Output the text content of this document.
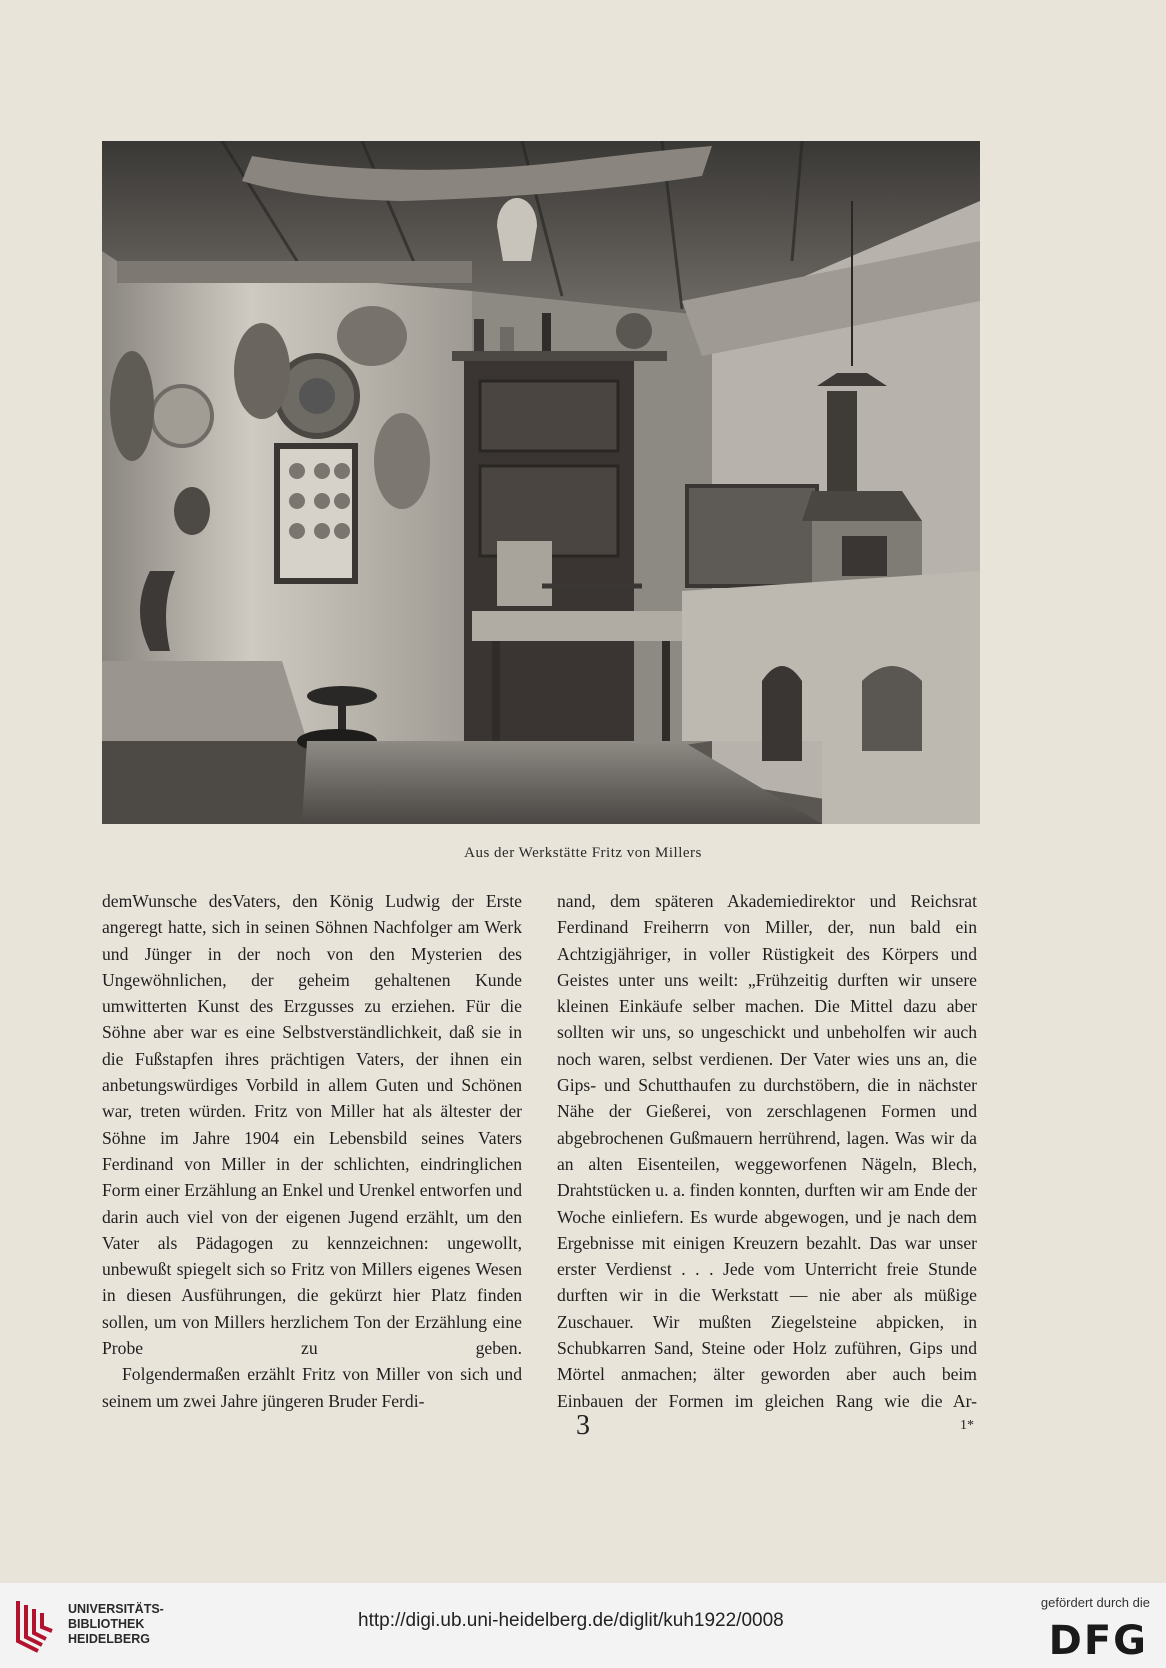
Aus der Werkstätte Fritz von Millers

demWunsche desVaters, den König Ludwig der Erste angeregt hatte, sich in seinen Söhnen Nachfolger am Werk und Jünger in der noch von den Mysterien des Ungewöhnlichen, der geheim gehaltenen Kunde umwitterten Kunst des Erzgusses zu erziehen. Für die Söhne aber war es eine Selbstverständlichkeit, daß sie in die Fußstapfen ihres prächtigen Vaters, der ihnen ein anbetungswürdiges Vorbild in allem Guten und Schönen war, treten würden. Fritz von Miller hat als ältester der Söhne im Jahre 1904 ein Lebensbild seines Vaters Ferdinand von Miller in der schlichten, eindringlichen Form einer Erzählung an Enkel und Urenkel entworfen und darin auch viel von der eigenen Jugend erzählt, um den Vater als Pädagogen zu kennzeichnen: ungewollt, unbewußt spiegelt sich so Fritz von Millers eigenes Wesen in diesen Ausführungen, die gekürzt hier Platz finden sollen, um von Millers herzlichem Ton der Erzählung eine Probe zu geben.

Folgendermaßen erzählt Fritz von Miller von sich und seinem um zwei Jahre jüngeren Bruder Ferdi-

nand, dem späteren Akademiedirektor und Reichsrat Ferdinand Freiherrn von Miller, der, nun bald ein Achtzigjähriger, in voller Rüstigkeit des Körpers und Geistes unter uns weilt: „Frühzeitig durften wir unsere kleinen Einkäufe selber machen. Die Mittel dazu aber sollten wir uns, so ungeschickt und unbeholfen wir auch noch waren, selbst verdienen. Der Vater wies uns an, die Gips- und Schutthaufen zu durchstöbern, die in nächster Nähe der Gießerei, von zerschlagenen Formen und abgebrochenen Gußmauern herrührend, lagen. Was wir da an alten Eisenteilen, weggeworfenen Nägeln, Blech, Drahtstücken u. a. finden konnten, durften wir am Ende der Woche einliefern. Es wurde abgewogen, und je nach dem Ergebnisse mit einigen Kreuzern bezahlt. Das war unser erster Verdienst . . . Jede vom Unterricht freie Stunde durften wir in die Werkstatt — nie aber als müßige Zuschauer. Wir mußten Ziegelsteine abpicken, in Schubkarren Sand, Steine oder Holz zuführen, Gips und Mörtel anmachen; älter geworden aber auch beim Einbauen der Formen im gleichen Rang wie die Ar-

3	1*
UNIVERSITÄTS-
BIBLIOTHEK
HEIDELBERG
http://digi.ub.uni-heidelberg.de/diglit/kuh1922/0008
gefördert durch die
DFG
